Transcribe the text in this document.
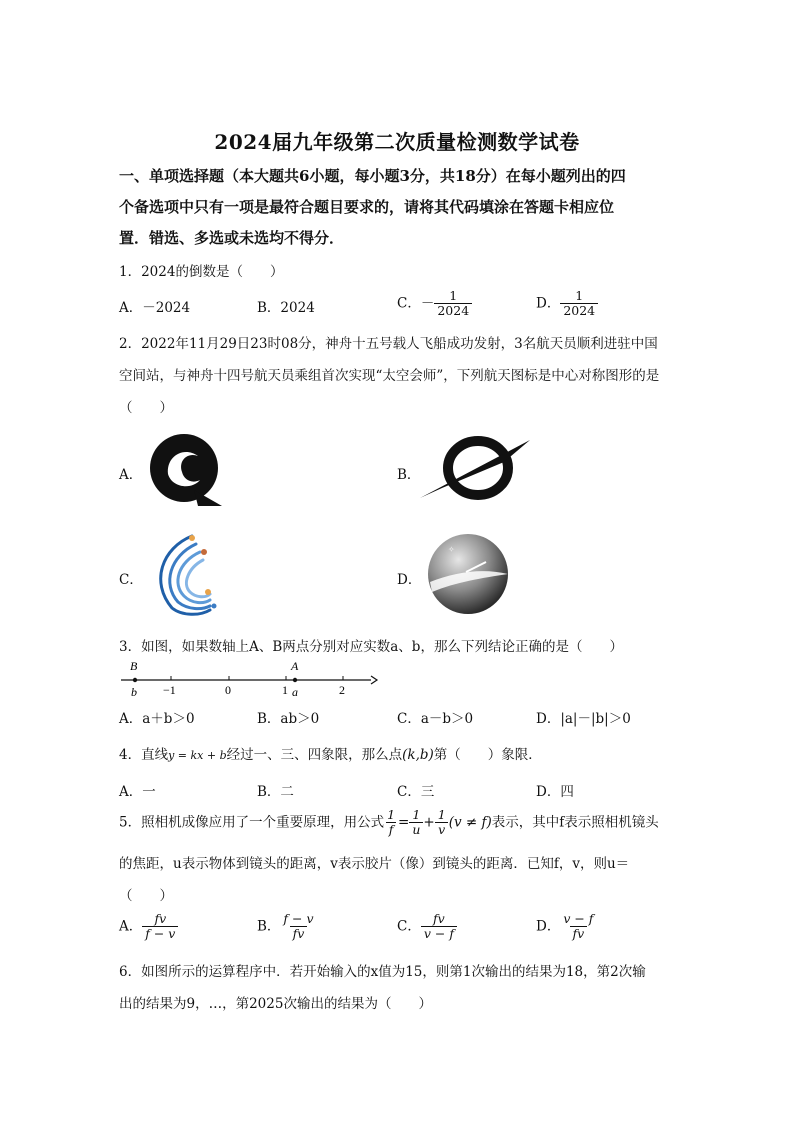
2024届九年级第二次质量检测数学试卷
一、单项选择题（本大题共6小题，每小题3分，共18分）在每小题列出的四
个备选项中只有一项是最符合题目要求的，请将其代码填涂在答题卡相应位
置．错选、多选或未选均不得分．
1．2024的倒数是（　　）
A．－2024	B．2024	C．－ $\frac{1}{2024}$	D． $\frac{1}{2024}$
2．2022年11月29日23时08分，神舟十五号载人飞船成功发射，3名航天员顺利进驻中国
空间站，与神舟十四号航天员乘组首次实现“太空会师”，下列航天图标是中心对称图形的是
（　　）
A．	B．
C．	D．
✧
3．如图，如果数轴上A、B两点分别对应实数a、b，那么下列结论正确的是（　　）
B
b −1	0	1
A
a	2
A．a＋b＞0	B．ab＞0	C．a－b＞0	D．|a|－|b|＞0
4．直线y = kx + b经过一、三、四象限，那么点(k,b)第（　　）象限．
A．一	B．二	C．三	D．四
5．照相机成像应用了一个重要原理，用公式 $\frac{1}{f} = \frac{1}{u} + \frac{1}{v} (v \ne f)$表示，其中f表示照相机镜头
的焦距，u表示物体到镜头的距离，v表示胶片（像）到镜头的距离．已知f，v，则u＝
（　　）
A． $\frac{fv}{f - v}$	B． $\frac{f - v}{fv}$	C． $\frac{fv}{v - f}$	D． $\frac{v - f}{fv}$
6．如图所示的运算程序中．若开始输入的x值为15，则第1次输出的结果为18，第2次输
出的结果为9，…，第2025次输出的结果为（　　）
